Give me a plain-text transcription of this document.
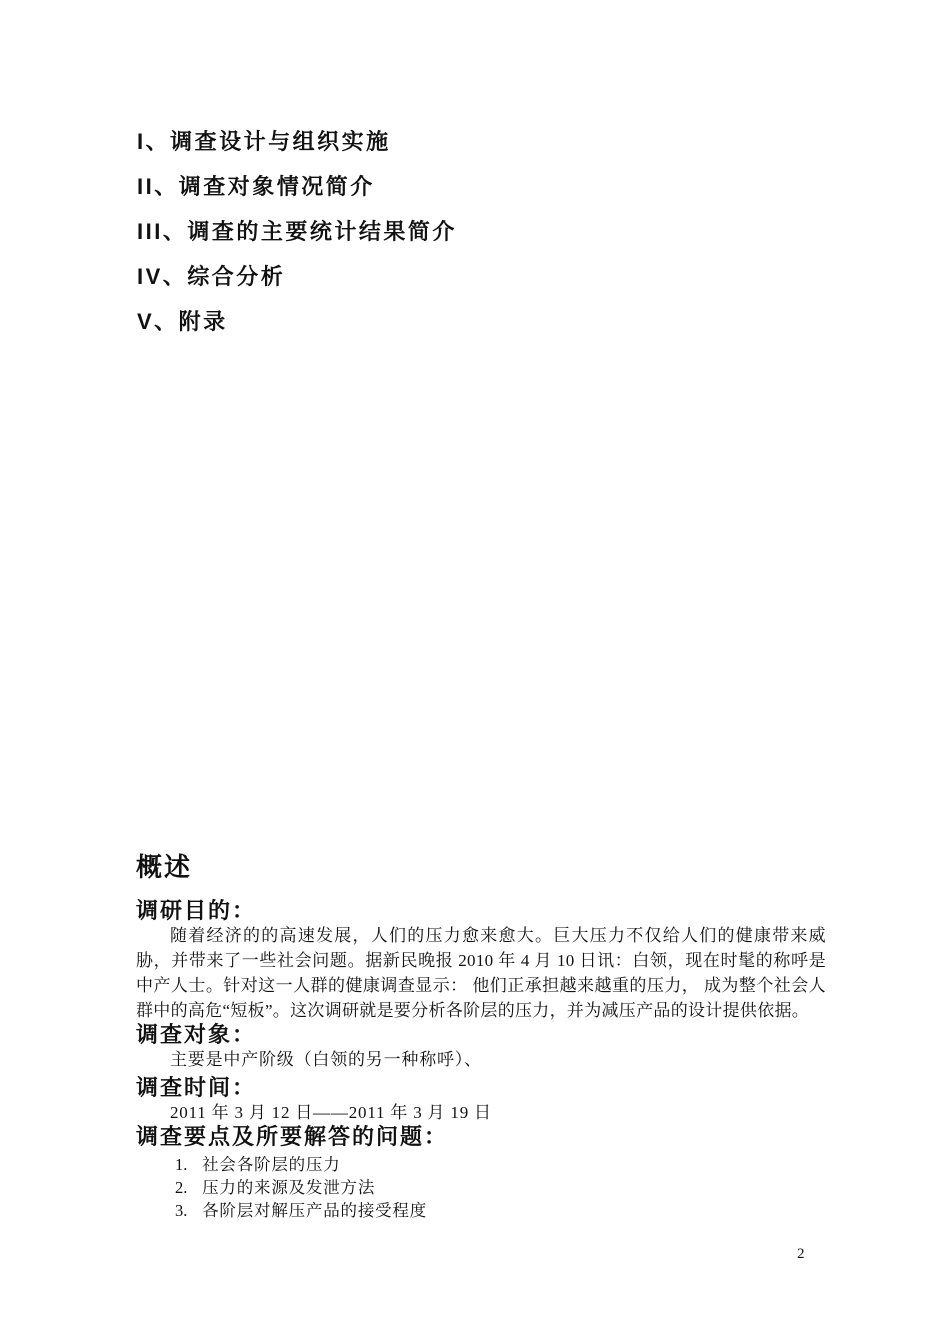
I、调查设计与组织实施
II、调查对象情况简介
III、调查的主要统计结果简介
IV、综合分析
V、附录
概述
调研目的：

随着经济的的高速发展，人们的压力愈来愈大。巨大压力不仅给人们的健康带来威胁，并带来了一些社会问题。据新民晚报 2010 年 4 月 10 日讯：白领，现在时髦的称呼是中产人士。针对这一人群的健康调查显示： 他们正承担越来越重的压力， 成为整个社会人群中的高危“短板”。这次调研就是要分析各阶层的压力，并为减压产品的设计提供依据。

调查对象：

主要是中产阶级（白领的另一种称呼）、

调查时间：

2011 年 3 月 12 日——2011 年 3 月 19 日

调查要点及所要解答的问题：
1. 社会各阶层的压力
2. 压力的来源及发泄方法
3. 各阶层对解压产品的接受程度
2
